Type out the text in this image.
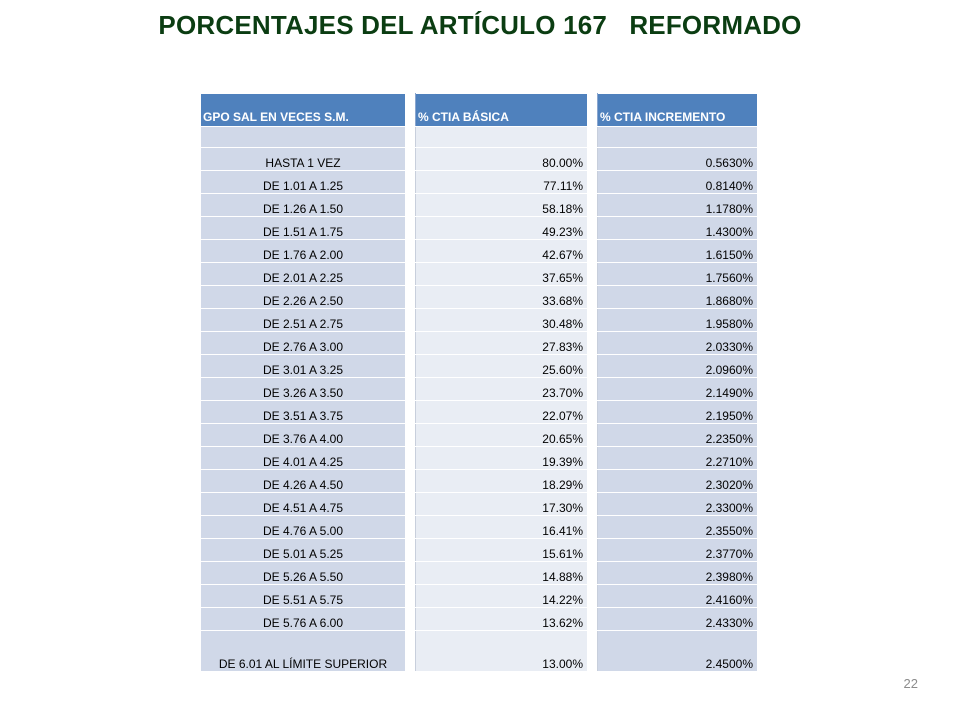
PORCENTAJES DEL ARTÍCULO 167   REFORMADO
GPO SAL EN VECES S.M.		% CTIA BÁSICA		% CTIA INCREMENTO

HASTA 1 VEZ		80.00%		0.5630%
DE 1.01 A 1.25		77.11%		0.8140%
DE 1.26 A 1.50		58.18%		1.1780%
DE 1.51 A 1.75		49.23%		1.4300%
DE 1.76 A 2.00		42.67%		1.6150%
DE 2.01 A 2.25		37.65%		1.7560%
DE 2.26 A 2.50		33.68%		1.8680%
DE 2.51 A 2.75		30.48%		1.9580%
DE 2.76 A 3.00		27.83%		2.0330%
DE 3.01 A 3.25		25.60%		2.0960%
DE 3.26 A 3.50		23.70%		2.1490%
DE 3.51 A 3.75		22.07%		2.1950%
DE 3.76 A 4.00		20.65%		2.2350%
DE 4.01 A 4.25		19.39%		2.2710%
DE 4.26 A 4.50		18.29%		2.3020%
DE 4.51 A 4.75		17.30%		2.3300%
DE 4.76 A 5.00		16.41%		2.3550%
DE 5.01 A 5.25		15.61%		2.3770%
DE 5.26 A 5.50		14.88%		2.3980%
DE 5.51 A 5.75		14.22%		2.4160%
DE 5.76 A 6.00		13.62%		2.4330%
DE 6.01 AL LÍMITE SUPERIOR		13.00%		2.4500%
22
